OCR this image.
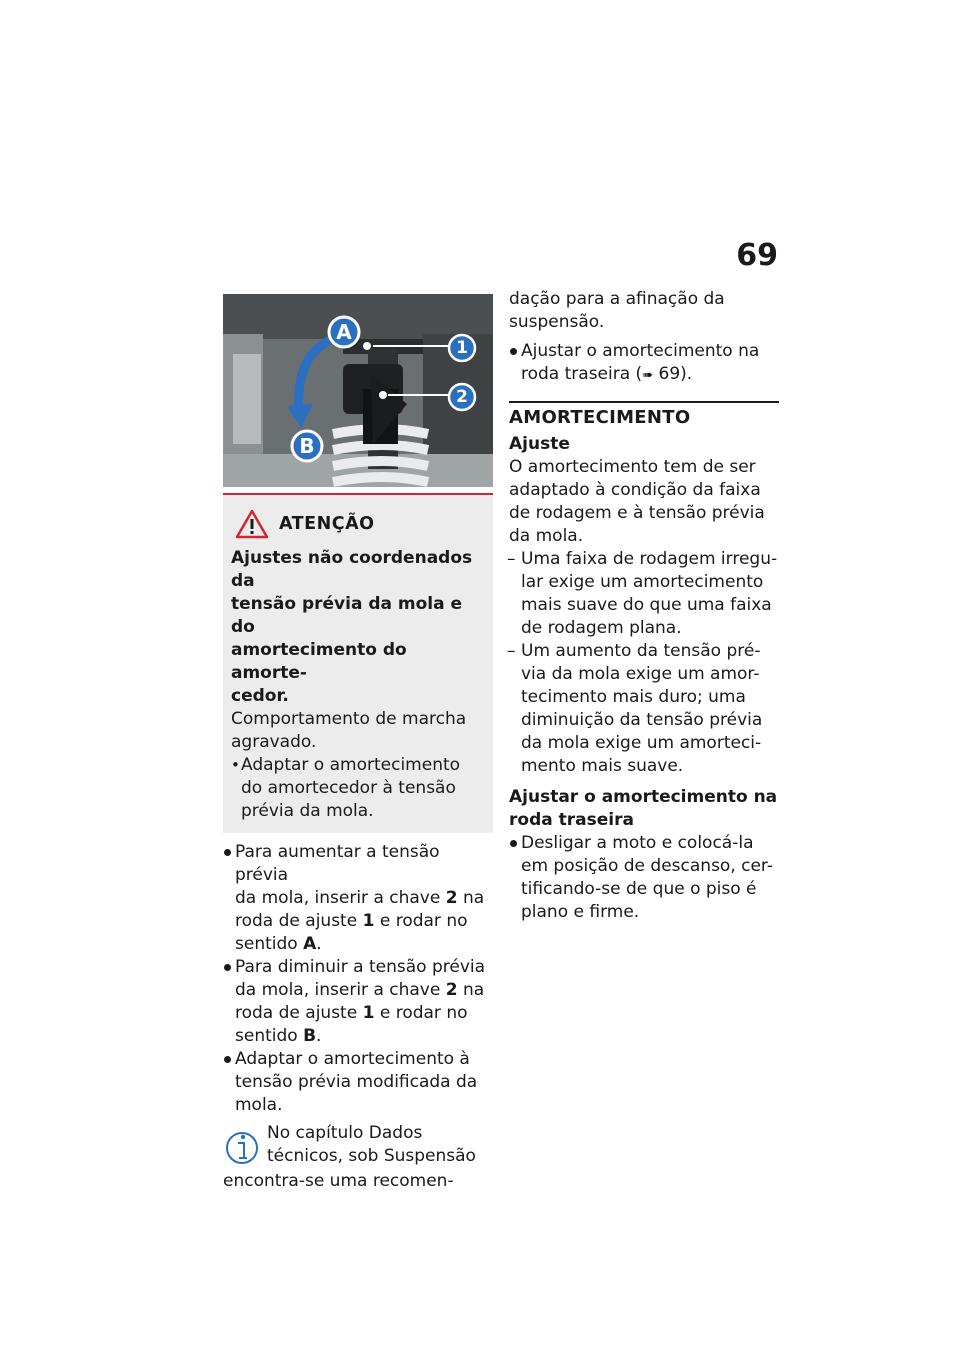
69
A
B
1
2
ATENÇÃO
Ajustes não coordenados da
tensão prévia da mola e do
amortecimento do amorte-
cedor.
Comportamento de marcha
agravado.
• Adaptar o amortecimento
do amortecedor à tensão
prévia da mola.
Para aumentar a tensão prévia
da mola, inserir a chave 2 na
roda de ajuste 1 e rodar no
sentido A.
Para diminuir a tensão prévia
da mola, inserir a chave 2 na
roda de ajuste 1 e rodar no
sentido B.
Adaptar o amortecimento à
tensão prévia modificada da
mola.
No capítulo Dados
técnicos, sob Suspensão
encontra-se uma recomen-
dação para a afinação da
suspensão.
Ajustar o amortecimento na
roda traseira (➠ 69).
AMORTECIMENTO
Ajuste
O amortecimento tem de ser
adaptado à condição da faixa
de rodagem e à tensão prévia
da mola.
– Uma faixa de rodagem irregu-
lar exige um amortecimento
mais suave do que uma faixa
de rodagem plana.
– Um aumento da tensão pré-
via da mola exige um amor-
tecimento mais duro; uma
diminuição da tensão prévia
da mola exige um amorteci-
mento mais suave.
Ajustar o amortecimento na
roda traseira
Desligar a moto e colocá-la
em posição de descanso, cer-
tificando-se de que o piso é
plano e firme.
